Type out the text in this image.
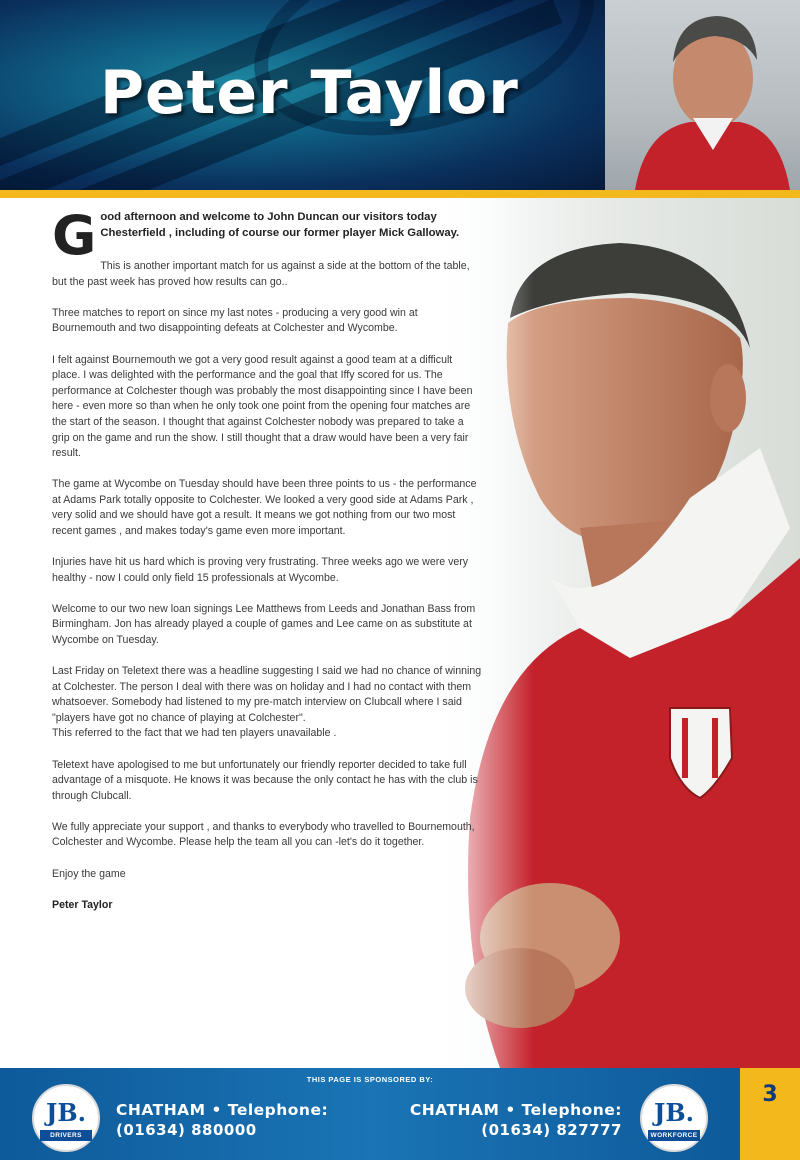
Peter Taylor
G ood afternoon and welcome to John Duncan our visitors today Chesterfield , including of course our former player Mick Galloway.

This is another important match for us against a side at the bottom of the table, but the past week has proved how results can go..

Three matches to report on since my last notes - producing a very good win at Bournemouth and two disappointing defeats at Colchester and Wycombe.

I felt against Bournemouth we got a very good result against a good team at a difficult place. I was delighted with the performance and the goal that Iffy scored for us. The performance at Colchester though was probably the most disappointing since I have been here - even more so than when he only took one point from the opening four matches are the start of the season. I thought that against Colchester nobody was prepared to take a grip on the game and run the show. I still thought that a draw would have been a very fair result.

The game at Wycombe on Tuesday should have been three points to us - the performance at Adams Park totally opposite to Colchester. We looked a very good side at Adams Park , very solid and we should have got a result. It means we got nothing from our two most recent games , and makes today's game even more important.

Injuries have hit us hard which is proving very frustrating. Three weeks ago we were very healthy - now I could only field 15 professionals at Wycombe.

Welcome to our two new loan signings Lee Matthews from Leeds and Jonathan Bass from Birmingham. Jon has already played a couple of games and Lee came on as substitute at Wycombe on Tuesday.

Last Friday on Teletext there was a headline suggesting I said we had no chance of winning at Colchester. The person I deal with there was on holiday and I had no contact with them whatsoever. Somebody had listened to my pre-match interview on Clubcall where I said "players have got no chance of playing at Colchester".
This referred to the fact that we had ten players unavailable .

Teletext have apologised to me but unfortunately our friendly reporter decided to take full advantage of a misquote. He knows it was because the only contact he has with the club is through Clubcall.

We fully appreciate your support , and thanks to everybody who travelled to Bournemouth, Colchester and Wycombe. Please help the team all you can -let's do it together.

Enjoy the game

Peter Taylor

THIS PAGE IS SPONSORED BY:
JB.
DRIVERS
CHATHAM • Telephone:
(01634) 880000
CHATHAM • Telephone:
(01634) 827777
JB.
WORKFORCE
3
